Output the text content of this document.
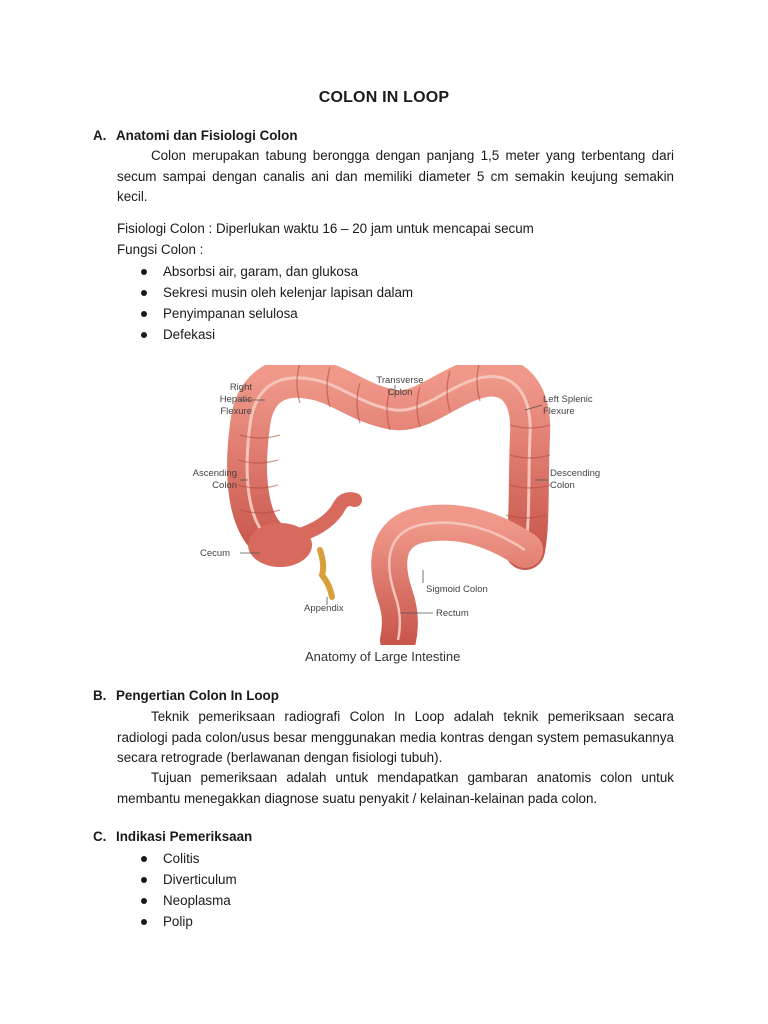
COLON IN LOOP
A. Anatomi dan Fisiologi Colon
Colon merupakan tabung berongga dengan panjang 1,5 meter yang terbentang dari secum sampai dengan canalis ani dan memiliki diameter 5 cm semakin keujung semakin kecil.
Fisiologi Colon : Diperlukan waktu 16 – 20 jam untuk mencapai secum
Fungsi Colon :
Absorbsi air, garam, dan glukosa
Sekresi musin oleh kelenjar lapisan dalam
Penyimpanan selulosa
Defekasi
Right Hepatic Flexure
Transverse Colon
Left Splenic Flexure
Ascending Colon
Descending Colon
Cecum
Sigmoid Colon
Appendix	Rectum
Anatomy of Large Intestine
B. Pengertian Colon In Loop
Teknik pemeriksaan radiografi Colon In Loop adalah teknik pemeriksaan secara radiologi pada colon/usus besar menggunakan media kontras dengan system pemasukannya secara retrograde (berlawanan dengan fisiologi tubuh).
Tujuan pemeriksaan adalah untuk mendapatkan gambaran anatomis colon untuk membantu menegakkan diagnose suatu penyakit / kelainan-kelainan pada colon.
C. Indikasi Pemeriksaan
Colitis
Diverticulum
Neoplasma
Polip
